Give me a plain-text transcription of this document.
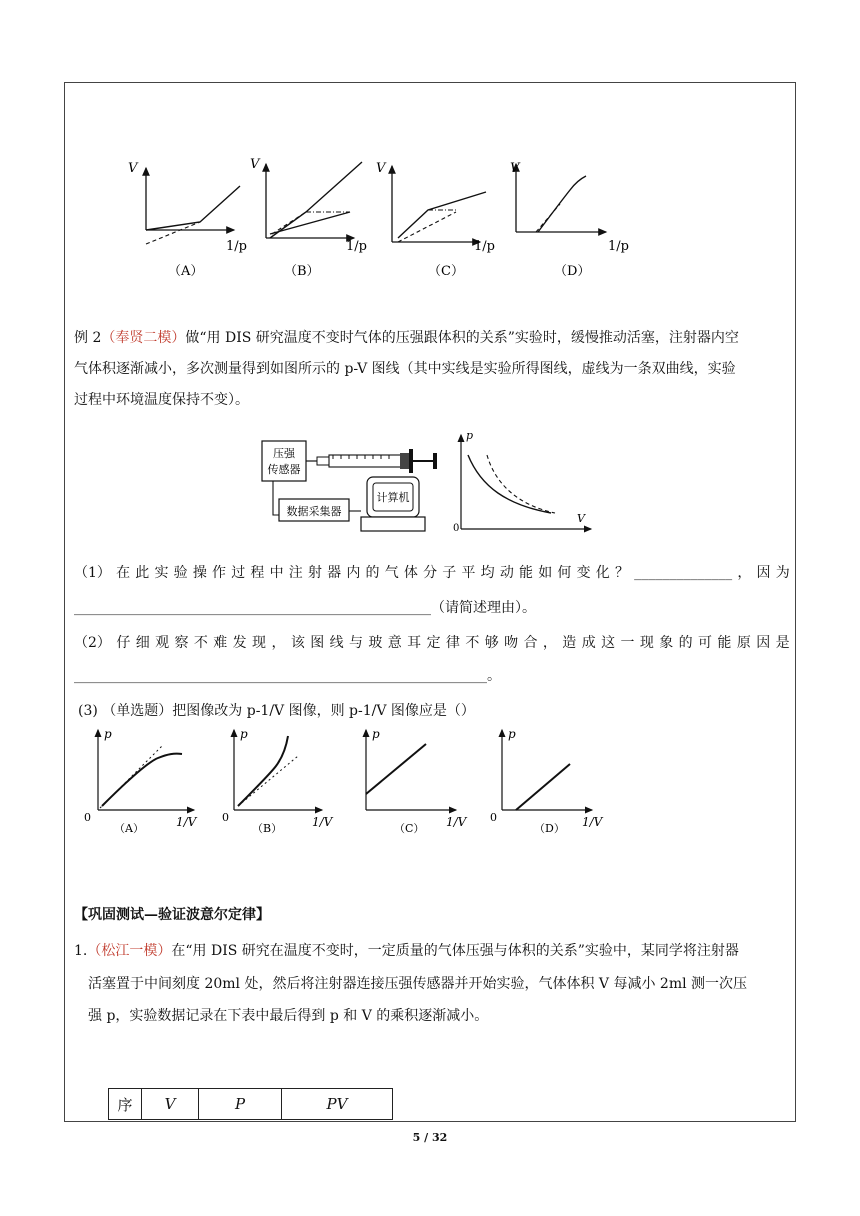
V
1/p
（A）
V
1/p
（B）
V
1/p
（C）
V
1/p
（D）
例 2（奉贤二模）做“用 DIS 研究温度不变时气体的压强跟体积的关系”实验时，缓慢推动活塞，注射器内空
气体积逐渐减小，多次测量得到如图所示的 p-V 图线（其中实线是实验所得图线，虚线为一条双曲线，实验
过程中环境温度保持不变）。
压强
传感器
数据采集器
计算机
p
V
0
（1） 在 此 实 验 操 作 过 程 中 注 射 器 内 的 气 体 分 子 平 均 动 能 如 何 变 化 ？ ______________ ， 因 为
___________________________________________________（请简述理由）。
（2） 仔 细 观 察 不 难 发 现 ， 该 图 线 与 玻 意 耳 定 律 不 够 吻 合 ， 造 成 这 一 现 象 的 可 能 原 因 是
___________________________________________________________。
(3) （单选题）把图像改为 p-1/V 图像，则 p-1/V 图像应是（）
p
0	1/V
（A）
p
0	1/V
（B）
p
1/V
（C）
p
0	1/V
（D）
【巩固测试—验证波意尔定律】
1.（松江一模）在“用 DIS 研究在温度不变时，一定质量的气体压强与体积的关系”实验中，某同学将注射器
活塞置于中间刻度 20ml 处，然后将注射器连接压强传感器并开始实验，气体体积 V 每减小 2ml 测一次压
强 p，实验数据记录在下表中最后得到 p 和 V 的乘积逐渐减小。
序	V	P	PV
5 / 32
